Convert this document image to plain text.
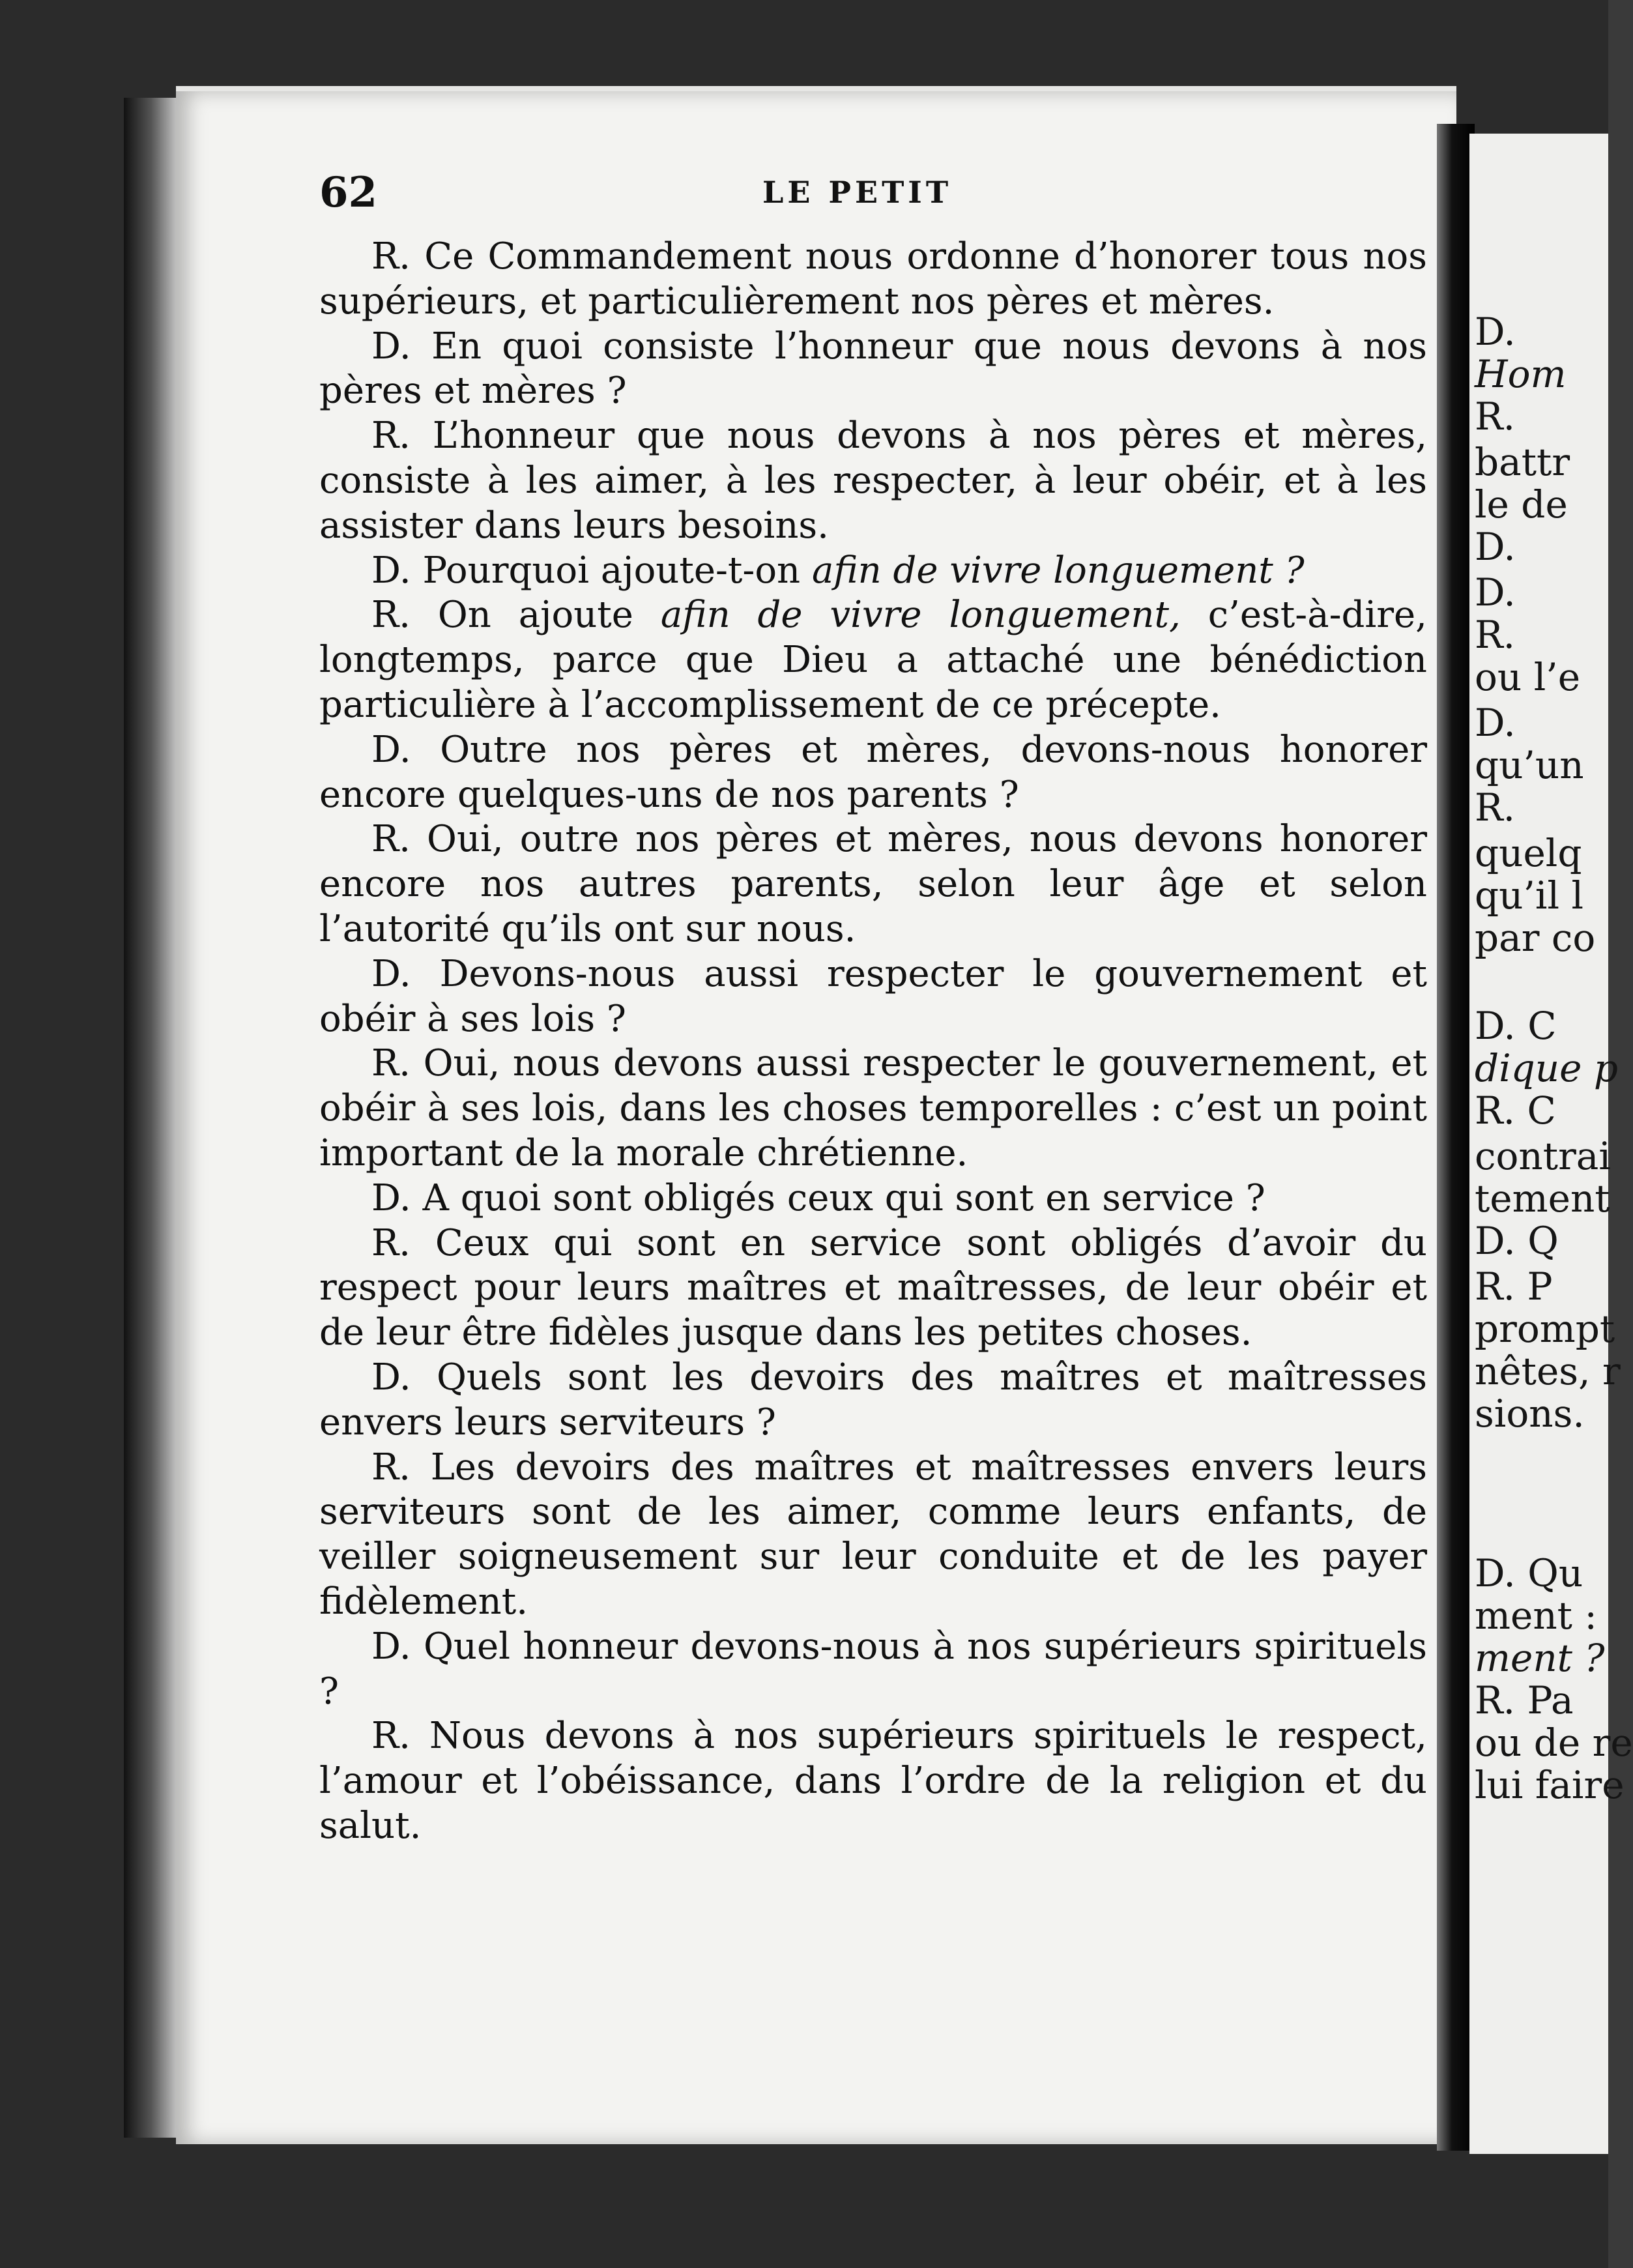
D.
Hom
R.
battr
le de
D.
D.
R.
ou l’e
D.
qu’un
R.
quelq
qu’il l
par co
D. C
dique p
R. C
contrai
tement
D. Q
R. P
prompt
nêtes, r
sions.
D. Qu
ment :
ment ?
R. Pa
ou de re
lui faire
62	LE PETIT

R. Ce Commandement nous ordonne d’honorer tous nos supérieurs, et particulièrement nos pères et mères.

D. En quoi consiste l’honneur que nous devons à nos pères et mères ?

R. L’honneur que nous devons à nos pères et mères, consiste à les aimer, à les respecter, à leur obéir, et à les assister dans leurs besoins.

D. Pourquoi ajoute-t-on afin de vivre longuement ?

R. On ajoute afin de vivre longuement, c’est-à-dire, longtemps, parce que Dieu a attaché une bénédiction particulière à l’accomplissement de ce précepte.

D. Outre nos pères et mères, devons-nous honorer encore quelques-uns de nos parents ?

R. Oui, outre nos pères et mères, nous devons honorer encore nos autres parents, selon leur âge et selon l’autorité qu’ils ont sur nous.

D. Devons-nous aussi respecter le gouvernement et obéir à ses lois ?

R. Oui, nous devons aussi respecter le gouvernement, et obéir à ses lois, dans les choses temporelles : c’est un point important de la morale chrétienne.

D. A quoi sont obligés ceux qui sont en service ?

R. Ceux qui sont en service sont obligés d’avoir du respect pour leurs maîtres et maîtresses, de leur obéir et de leur être fidèles jusque dans les petites choses.

D. Quels sont les devoirs des maîtres et maîtresses envers leurs serviteurs ?

R. Les devoirs des maîtres et maîtresses envers leurs serviteurs sont de les aimer, comme leurs enfants, de veiller soigneusement sur leur conduite et de les payer fidèlement.

D. Quel honneur devons-nous à nos supérieurs spirituels ?

R. Nous devons à nos supérieurs spirituels le respect, l’amour et l’obéissance, dans l’ordre de la religion et du salut.
